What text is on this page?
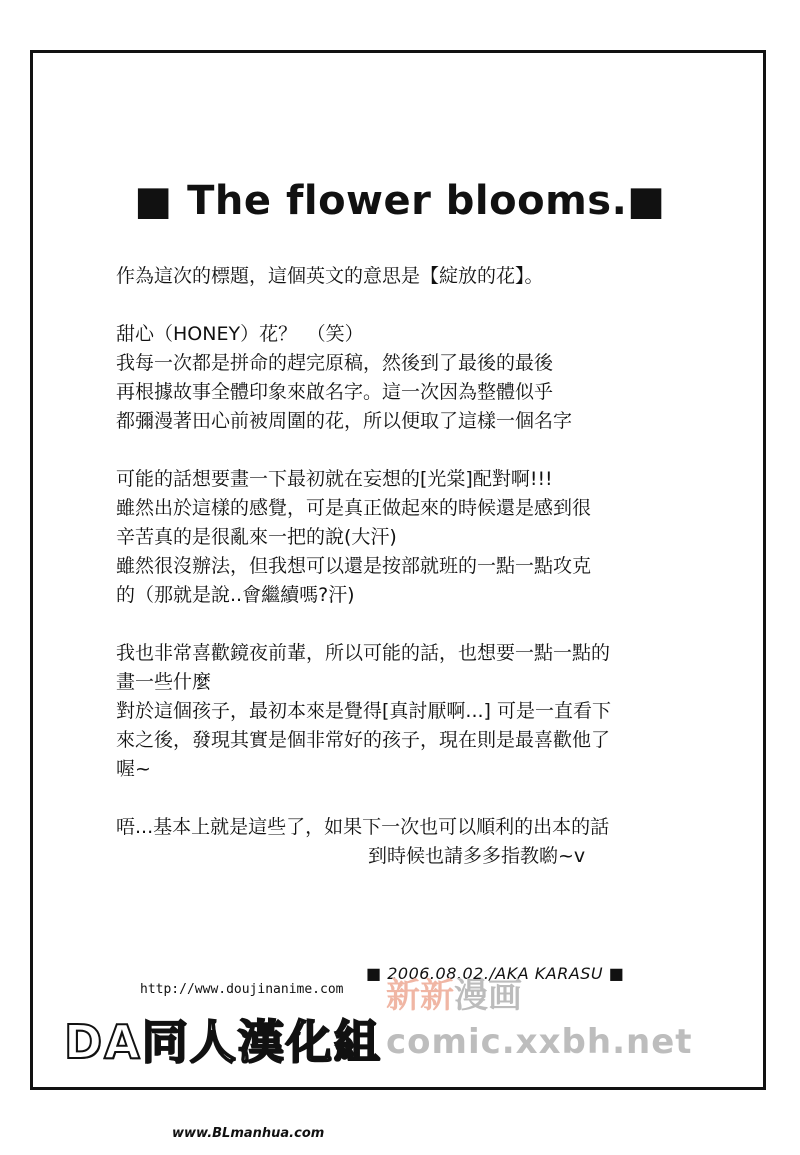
■ The flower blooms.■
作為這次的標題，這個英文的意思是【綻放的花】。
甜心（HONEY）花？　（笑）
我每一次都是拼命的趕完原稿，然後到了最後的最後
再根據故事全體印象來啟名字。這一次因為整體似乎
都彌漫著田心前被周圍的花，所以便取了這樣一個名字
可能的話想要畫一下最初就在妄想的[光棠]配對啊!!!
雖然出於這樣的感覺，可是真正做起來的時候還是感到很
辛苦真的是很亂來一把的說(大汗)
雖然很沒辦法，但我想可以還是按部就班的一點一點攻克
的（那就是說..會繼續嗎?汗)
我也非常喜歡鏡夜前輩，所以可能的話，也想要一點一點的
畫一些什麼
對於這個孩子，最初本來是覺得[真討厭啊...] 可是一直看下
來之後，發現其實是個非常好的孩子，現在則是最喜歡他了
喔~
唔...基本上就是這些了，如果下一次也可以順利的出本的話
到時候也請多多指教喲~ⅴ
■ 2006.08.02./AKA KARASU ■
http://www.doujinanime.com
DA同人漢化組
新新漫画
comic.xxbh.net
www.BLmanhua.com
